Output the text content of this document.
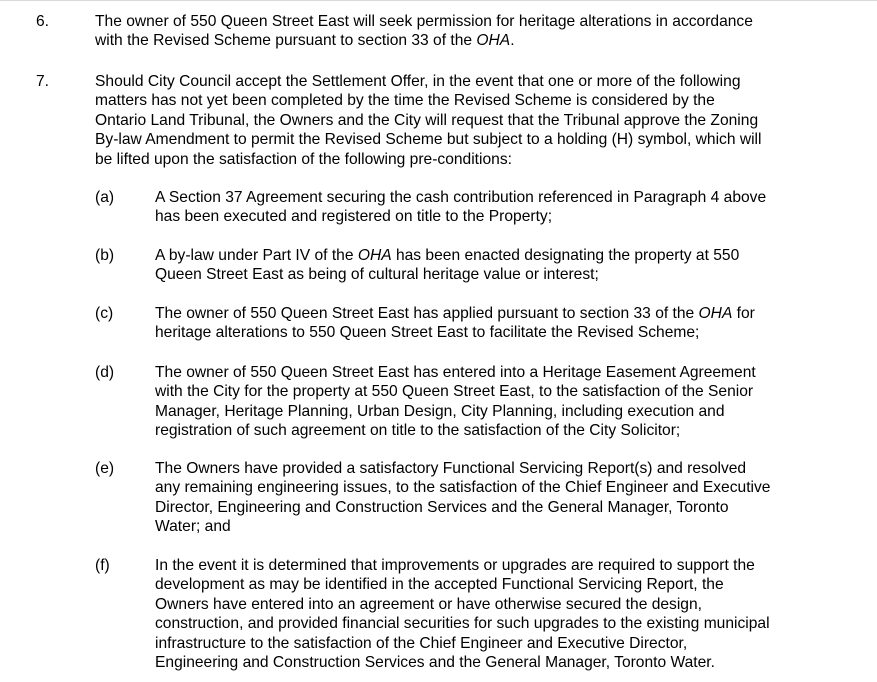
6.	The owner of 550 Queen Street East will seek permission for heritage alterations in accordance
with the Revised Scheme pursuant to section 33 of the OHA.
7.	Should City Council accept the Settlement Offer, in the event that one or more of the following
matters has not yet been completed by the time the Revised Scheme is considered by the
Ontario Land Tribunal, the Owners and the City will request that the Tribunal approve the Zoning
By-law Amendment to permit the Revised Scheme but subject to a holding (H) symbol, which will
be lifted upon the satisfaction of the following pre-conditions:
(a)	A Section 37 Agreement securing the cash contribution referenced in Paragraph 4 above
has been executed and registered on title to the Property;
(b)	A by-law under Part IV of the OHA has been enacted designating the property at 550
Queen Street East as being of cultural heritage value or interest;
(c)	The owner of 550 Queen Street East has applied pursuant to section 33 of the OHA for
heritage alterations to 550 Queen Street East to facilitate the Revised Scheme;
(d)	The owner of 550 Queen Street East has entered into a Heritage Easement Agreement
with the City for the property at 550 Queen Street East, to the satisfaction of the Senior
Manager, Heritage Planning, Urban Design, City Planning, including execution and
registration of such agreement on title to the satisfaction of the City Solicitor;
(e)	The Owners have provided a satisfactory Functional Servicing Report(s) and resolved
any remaining engineering issues, to the satisfaction of the Chief Engineer and Executive
Director, Engineering and Construction Services and the General Manager, Toronto
Water; and
(f)	In the event it is determined that improvements or upgrades are required to support the
development as may be identified in the accepted Functional Servicing Report, the
Owners have entered into an agreement or have otherwise secured the design,
construction, and provided financial securities for such upgrades to the existing municipal
infrastructure to the satisfaction of the Chief Engineer and Executive Director,
Engineering and Construction Services and the General Manager, Toronto Water.
